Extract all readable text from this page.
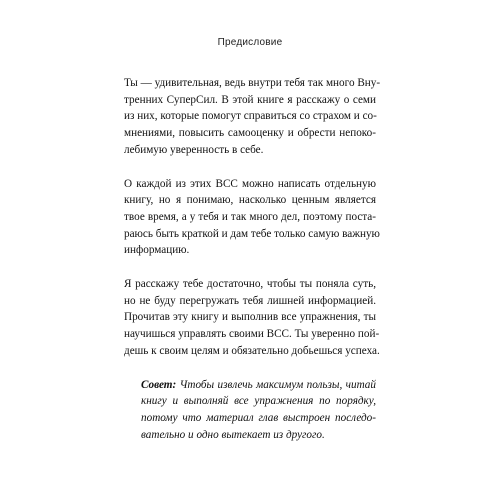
Предисловие
Ты — удивительная, ведь внутри тебя так много Вну-
тренних СуперСил. В этой книге я расскажу о семи
из них, которые помогут справиться со страхом и со-
мнениями, повысить самооценку и обрести непоко-
лебимую уверенность в себе.
О каждой из этих ВСС можно написать отдельную
книгу, но я понимаю, насколько ценным является
твое время, а у тебя и так много дел, поэтому поста-
раюсь быть краткой и дам тебе только самую важную
информацию.
Я расскажу тебе достаточно, чтобы ты поняла суть,
но не буду перегружать тебя лишней информацией.
Прочитав эту книгу и выполнив все упражнения, ты
научишься управлять своими ВСС. Ты уверенно пой-
дешь к своим целям и обязательно добьешься успеха.
Совет: Чтобы извлечь максимум пользы, читай
книгу и выполняй все упражнения по порядку,
потому что материал глав выстроен последо-
вательно и одно вытекает из другого.
